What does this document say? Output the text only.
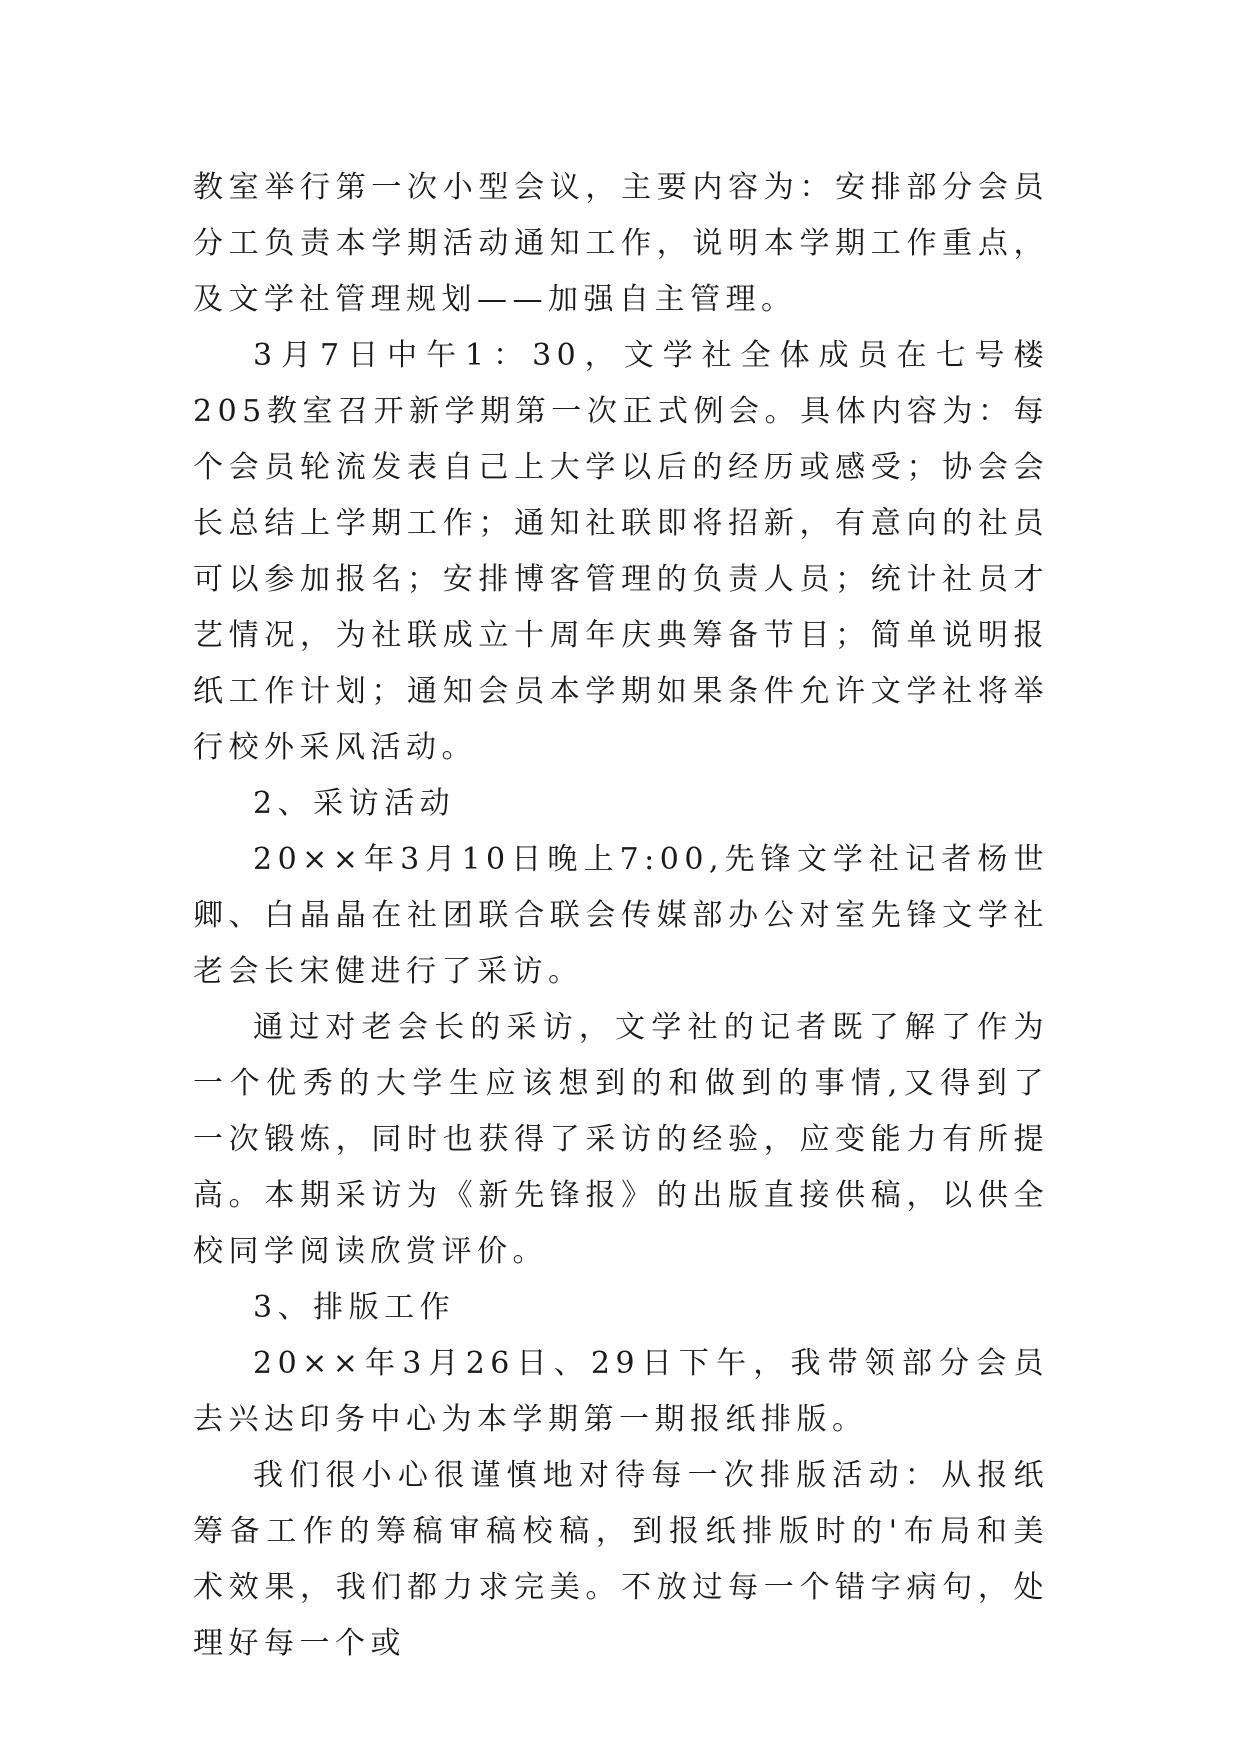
教室举行第一次小型会议，主要内容为：安排部分会员分工负责本学期活动通知工作，说明本学期工作重点，及文学社管理规划——加强自主管理。

3月7日中午1：30，文学社全体成员在七号楼205教室召开新学期第一次正式例会。具体内容为：每个会员轮流发表自己上大学以后的经历或感受；协会会长总结上学期工作；通知社联即将招新，有意向的社员可以参加报名；安排博客管理的负责人员；统计社员才艺情况，为社联成立十周年庆典筹备节目；简单说明报纸工作计划；通知会员本学期如果条件允许文学社将举行校外采风活动。

2、采访活动

20××年3月10日晚上7:00,先锋文学社记者杨世卿、白晶晶在社团联合联会传媒部办公对室先锋文学社老会长宋健进行了采访。

通过对老会长的采访，文学社的记者既了解了作为一个优秀的大学生应该想到的和做到的事情,又得到了一次锻炼，同时也获得了采访的经验，应变能力有所提高。本期采访为《新先锋报》的出版直接供稿，以供全校同学阅读欣赏评价。

3、排版工作

20××年3月26日、29日下午，我带领部分会员去兴达印务中心为本学期第一期报纸排版。

我们很小心很谨慎地对待每一次排版活动：从报纸筹备工作的筹稿审稿校稿，到报纸排版时的'布局和美术效果，我们都力求完美。不放过每一个错字病句，处理好每一个或
